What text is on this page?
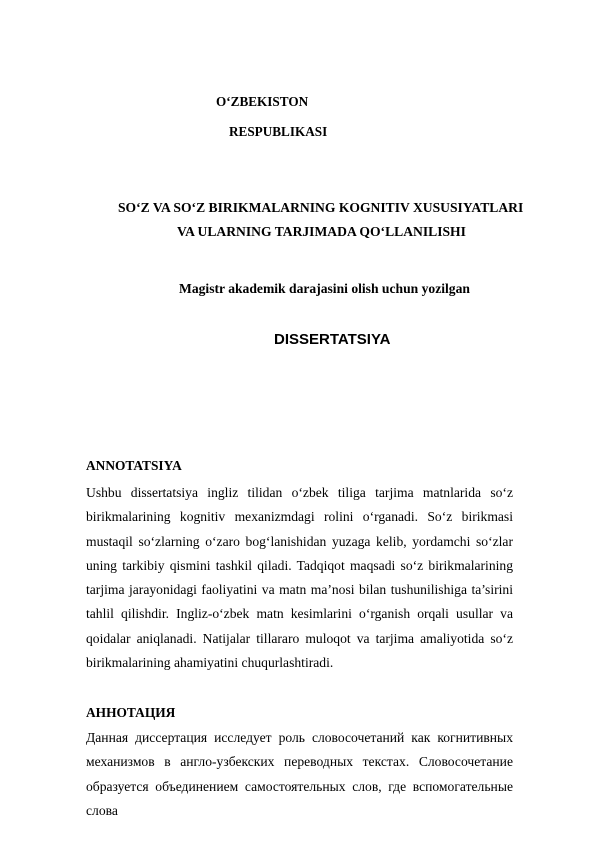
O‘ZBEKISTON
RESPUBLIKASI
SO‘Z VA SO‘Z BIRIKMALARNING KOGNITIV XUSUSIYATLARI
VA ULARNING TARJIMADA QO‘LLANILISHI
Magistr akademik darajasini olish uchun yozilgan
DISSERTATSIYA
ANNOTATSIYA
Ushbu dissertatsiya ingliz tilidan o‘zbek tiliga tarjima matnlarida so‘z birikmalarining kognitiv mexanizmdagi rolini o‘rganadi. So‘z birikmasi mustaqil so‘zlarning o‘zaro bog‘lanishidan yuzaga kelib, yordamchi so‘zlar uning tarkibiy qismini tashkil qiladi. Tadqiqot maqsadi so‘z birikmalarining tarjima jarayonidagi faoliyatini va matn ma’nosi bilan tushunilishiga ta’sirini tahlil qilishdir. Ingliz-o‘zbek matn kesimlarini o‘rganish orqali usullar va qoidalar aniqlanadi. Natijalar tillararo muloqot va tarjima amaliyotida so‘z birikmalarining ahamiyatini chuqurlashtiradi.
АННОТАЦИЯ
Данная диссертация исследует роль словосочетаний как когнитивных механизмов в англо-узбекских переводных текстах. Словосочетание образуется объединением самостоятельных слов, где вспомогательные слова
